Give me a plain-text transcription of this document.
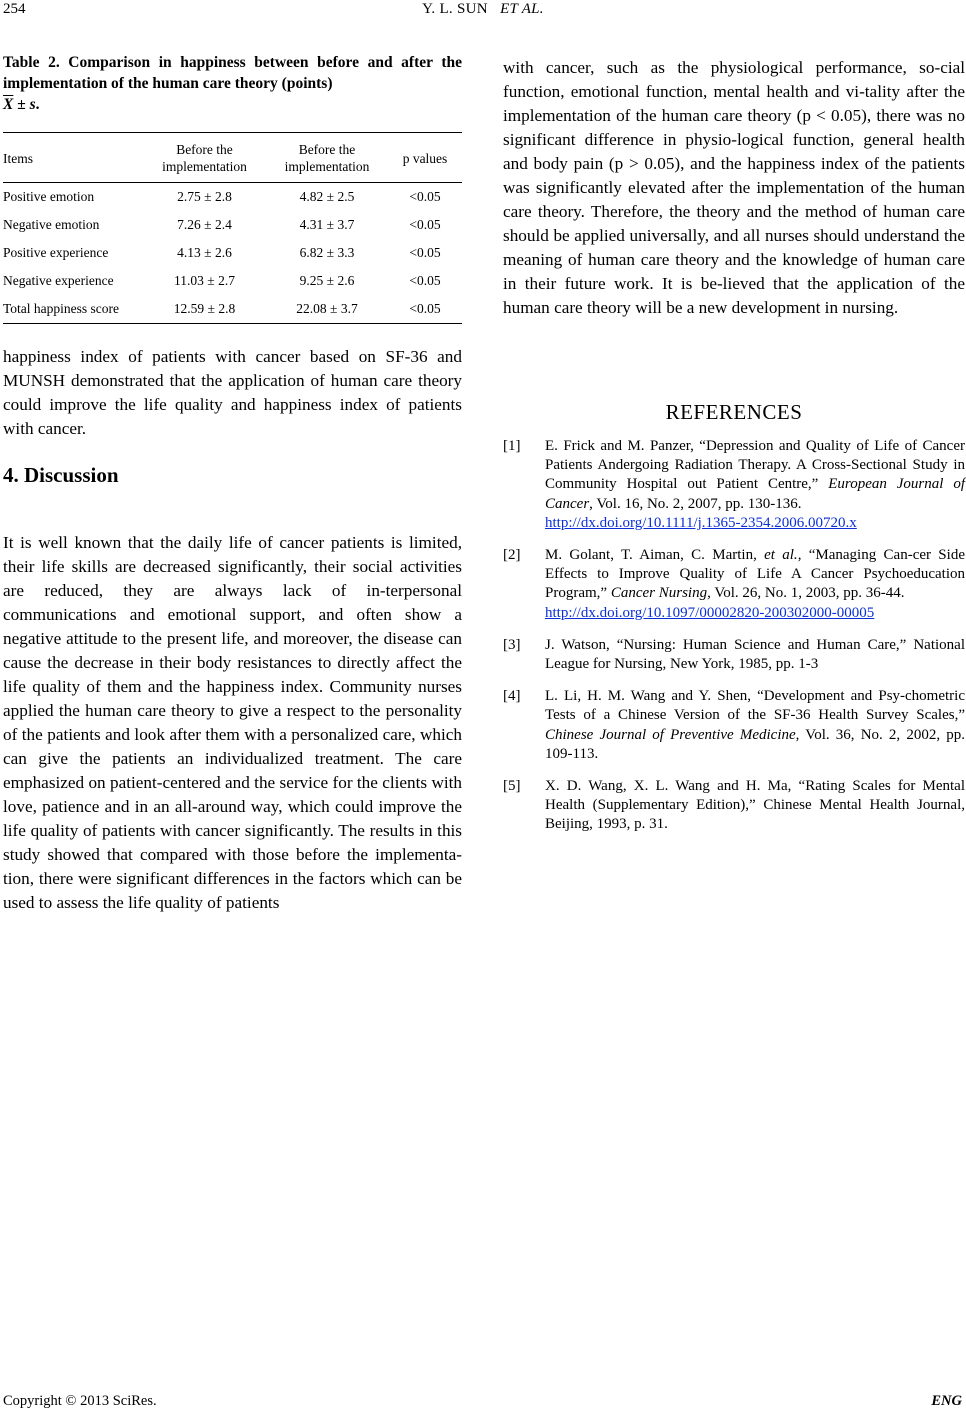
254	Y. L. SUN ET AL.
Table 2. Comparison in happiness between before and after the implementation of the human care theory (points)
$\overline{X} \pm s$.
Items	Before the implementation	Before the implementation	p values
Positive emotion	2.75 ± 2.8	4.82 ± 2.5	<0.05
Negative emotion	7.26 ± 2.4	4.31 ± 3.7	<0.05
Positive experience	4.13 ± 2.6	6.82 ± 3.3	<0.05
Negative experience	11.03 ± 2.7	9.25 ± 2.6	<0.05
Total happiness score	12.59 ± 2.8	22.08 ± 3.7	<0.05
happiness index of patients with cancer based on SF-36 and MUNSH demonstrated that the application of human care theory could improve the life quality and happiness index of patients with cancer.
4. Discussion
It is well known that the daily life of cancer patients is limited, their life skills are decreased significantly, their social activities are reduced, they are always lack of in-terpersonal communications and emotional support, and often show a negative attitude to the present life, and moreover, the disease can cause the decrease in their body resistances to directly affect the life quality of them and the happiness index. Community nurses applied the human care theory to give a respect to the personality of the patients and look after them with a personalized care, which can give the patients an individualized treatment. The care emphasized on patient-centered and the service for the clients with love, patience and in an all-around way, which could improve the life quality of patients with cancer significantly. The results in this study showed that compared with those before the implementa-tion, there were significant differences in the factors which can be used to assess the life quality of patients
with cancer, such as the physiological performance, so-cial function, emotional function, mental health and vi-tality after the implementation of the human care theory (p < 0.05), there was no significant difference in physio-logical function, general health and body pain (p > 0.05), and the happiness index of the patients was significantly elevated after the implementation of the human care theory. Therefore, the theory and the method of human care should be applied universally, and all nurses should understand the meaning of human care theory and the knowledge of human care in their future work. It is be-lieved that the application of the human care theory will be a new development in nursing.
REFERENCES
[1]	E. Frick and M. Panzer, “Depression and Quality of Life of Cancer Patients Andergoing Radiation Therapy. A Cross-Sectional Study in Community Hospital out Patient Centre,” European Journal of Cancer, Vol. 16, No. 2, 2007, pp. 130-136.
http://dx.doi.org/10.1111/j.1365-2354.2006.00720.x
[2]	M. Golant, T. Aiman, C. Martin, et al., “Managing Can-cer Side Effects to Improve Quality of Life A Cancer Psychoeducation Program,” Cancer Nursing, Vol. 26, No. 1, 2003, pp. 36-44.
http://dx.doi.org/10.1097/00002820-200302000-00005
[3]	J. Watson, “Nursing: Human Science and Human Care,” National League for Nursing, New York, 1985, pp. 1-3
[4]	L. Li, H. M. Wang and Y. Shen, “Development and Psy-chometric Tests of a Chinese Version of the SF-36 Health Survey Scales,” Chinese Journal of Preventive Medicine, Vol. 36, No. 2, 2002, pp. 109-113.
[5]	X. D. Wang, X. L. Wang and H. Ma, “Rating Scales for Mental Health (Supplementary Edition),” Chinese Mental Health Journal, Beijing, 1993, p. 31.
Copyright © 2013 SciRes.	ENG
